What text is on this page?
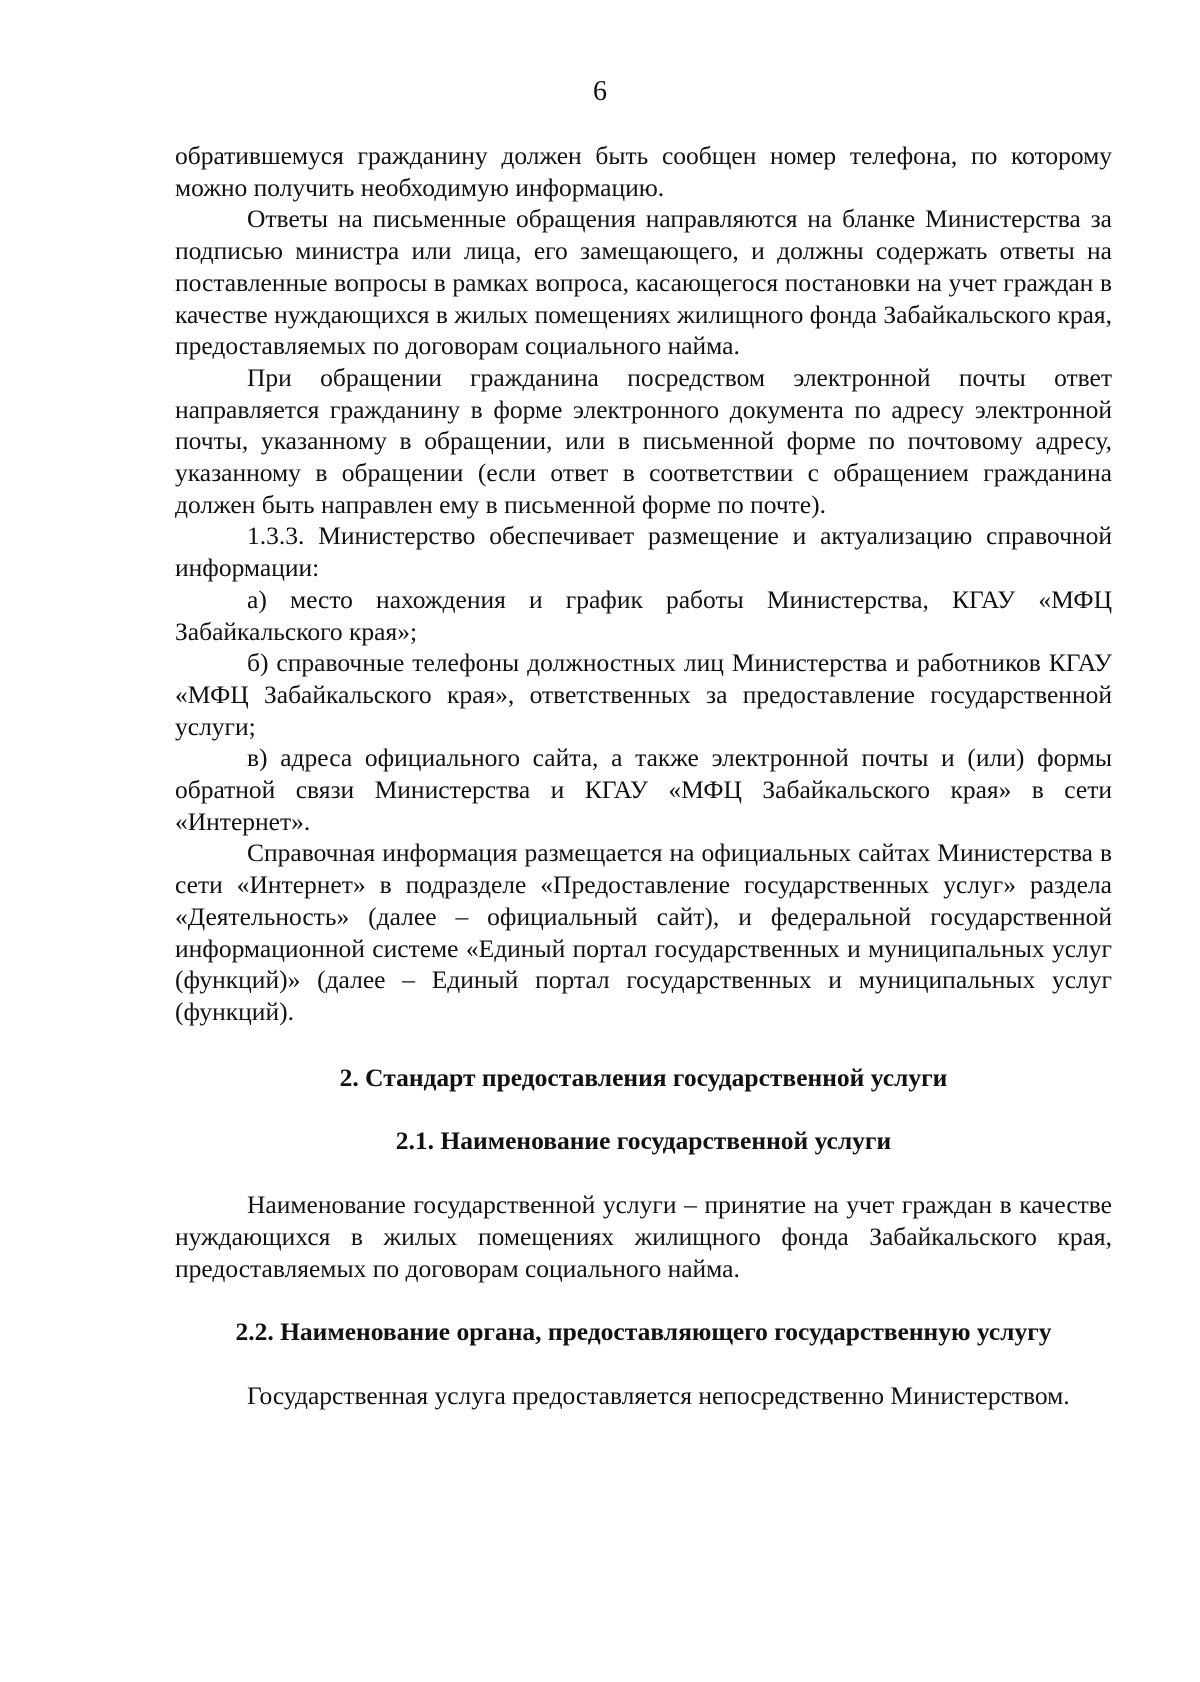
6

обратившемуся гражданину должен быть сообщен номер телефона, по которому можно получить необходимую информацию.

Ответы на письменные обращения направляются на бланке Министерства за подписью министра или лица, его замещающего, и должны содержать ответы на поставленные вопросы в рамках вопроса, касающегося постановки на учет граждан в качестве нуждающихся в жилых помещениях жилищного фонда Забайкальского края, предоставляемых по договорам социального найма.

При обращении гражданина посредством электронной почты ответ направляется гражданину в форме электронного документа по адресу электронной почты, указанному в обращении, или в письменной форме по почтовому адресу, указанному в обращении (если ответ в соответствии с обращением гражданина должен быть направлен ему в письменной форме по почте).

1.3.3. Министерство обеспечивает размещение и актуализацию справочной информации:

а) место нахождения и график работы Министерства, КГАУ «МФЦ Забайкальского края»;

б) справочные телефоны должностных лиц Министерства и работников КГАУ «МФЦ Забайкальского края», ответственных за предоставление государственной услуги;

в) адреса официального сайта, а также электронной почты и (или) формы обратной связи Министерства и КГАУ «МФЦ Забайкальского края» в сети «Интернет».

Справочная информация размещается на официальных сайтах Министерства в сети «Интернет» в подразделе «Предоставление государственных услуг» раздела «Деятельность» (далее – официальный сайт), и федеральной государственной информационной системе «Единый портал государственных и муниципальных услуг (функций)» (далее – Единый портал государственных и муниципальных услуг (функций).

2. Стандарт предоставления государственной услуги
2.1. Наименование государственной услуги

Наименование государственной услуги – принятие на учет граждан в качестве нуждающихся в жилых помещениях жилищного фонда Забайкальского края, предоставляемых по договорам социального найма.

2.2. Наименование органа, предоставляющего государственную услугу

Государственная услуга предоставляется непосредственно Министерством.
